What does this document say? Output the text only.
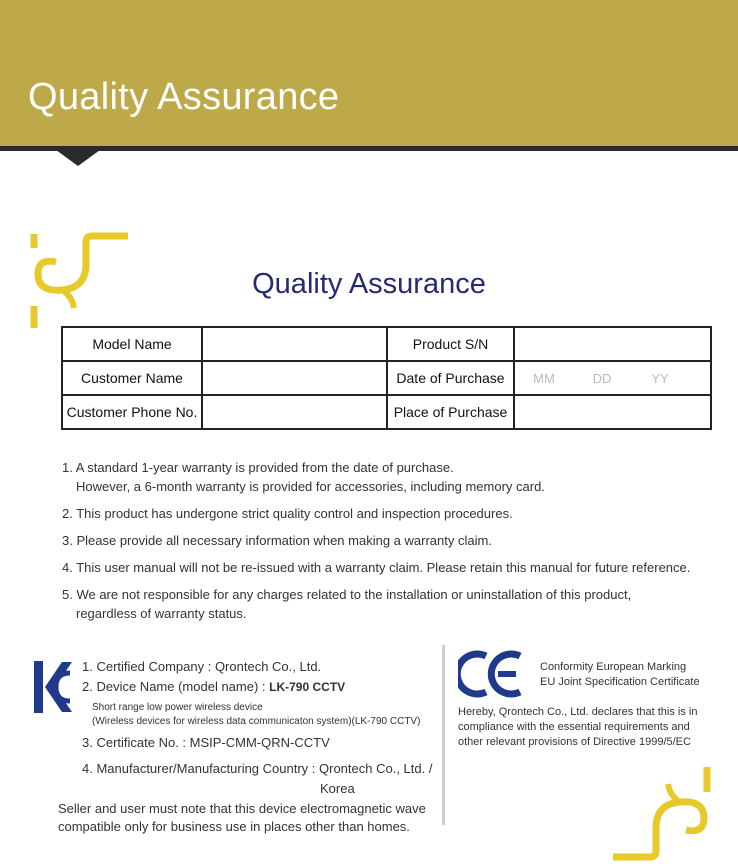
Quality Assurance
Quality Assurance
Model Name		Product S/N	
Customer Name		Date of Purchase	MM DD YY
Customer Phone No.		Place of Purchase	
1. A standard 1-year warranty is provided from the date of purchase.
However, a 6-month warranty is provided for accessories, including memory card.
2. This product has undergone strict quality control and inspection procedures.
3. Please provide all necessary information when making a warranty claim.
4. This user manual will not be re-issued with a warranty claim. Please retain this manual for future reference.
5. We are not responsible for any charges related to the installation or uninstallation of this product,
regardless of warranty status.
1. Certified Company : Qrontech Co., Ltd.
2. Device Name (model name) : LK-790 CCTV
Short range low power wireless device
(Wireless devices for wireless data communicaton system)(LK-790 CCTV)
3. Certificate No. : MSIP-CMM-QRN-CCTV
4. Manufacturer/Manufacturing Country : Qrontech Co., Ltd. /
Korea
Seller and user must note that this device electromagnetic wave
compatible only for business use in places other than homes.
Conformity European Marking
EU Joint Specification Certificate
Hereby, Qrontech Co., Ltd. declares that this is in
compliance with the essential requirements and
other relevant provisions of Directive 1999/5/EC
